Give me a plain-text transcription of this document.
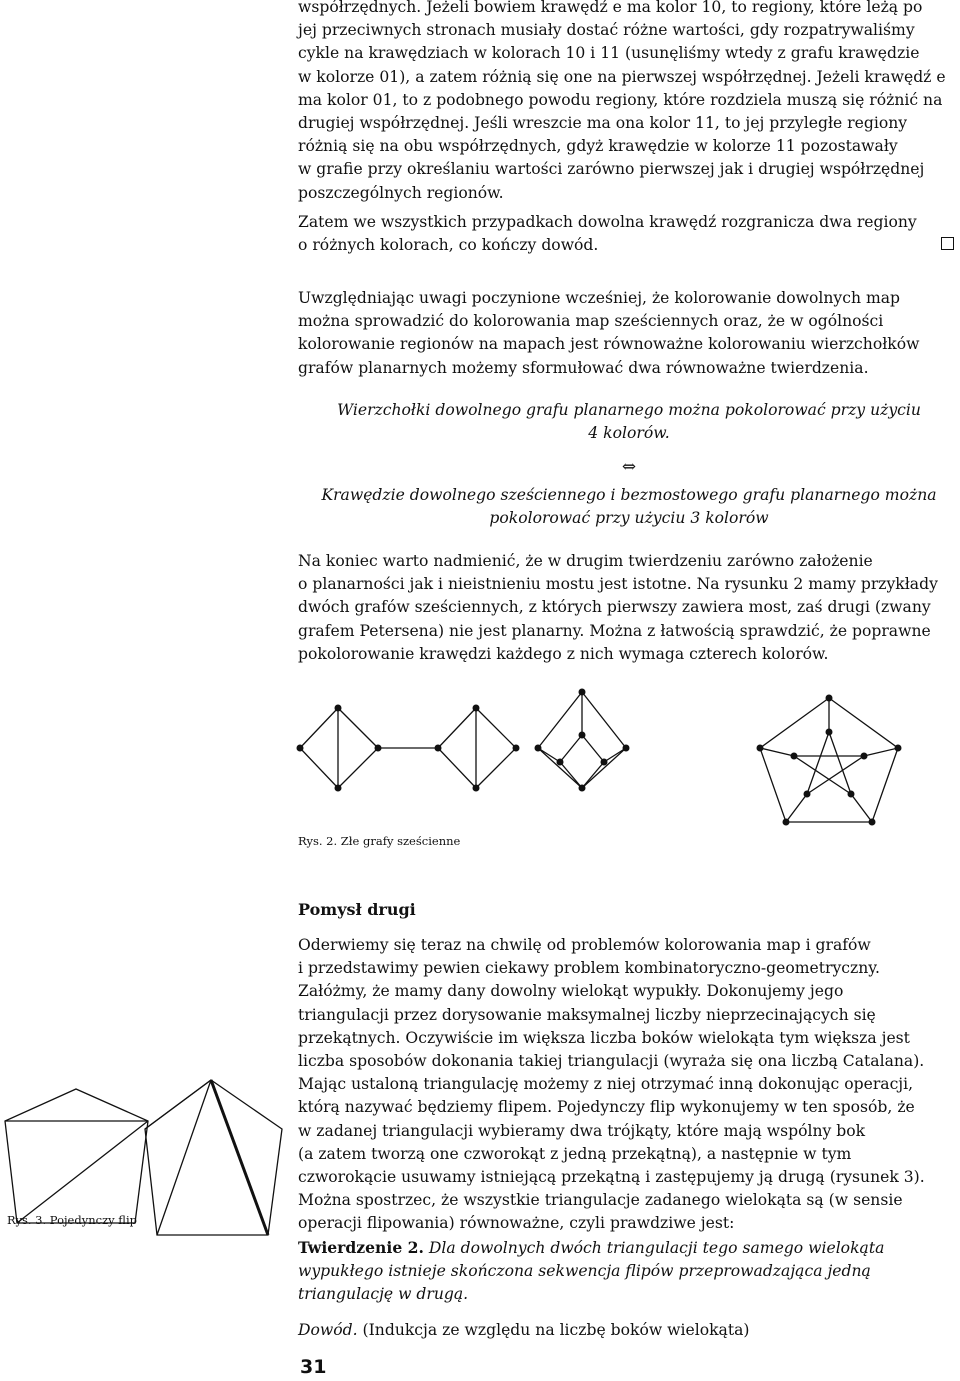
współrzędnych. Jeżeli bowiem krawędź e ma kolor 10, to regiony, które leżą po
jej przeciwnych stronach musiały dostać różne wartości, gdy rozpatrywaliśmy
cykle na krawędziach w kolorach 10 i 11 (usunęliśmy wtedy z grafu krawędzie
w kolorze 01), a zatem różnią się one na pierwszej współrzędnej. Jeżeli krawędź e
ma kolor 01, to z podobnego powodu regiony, które rozdziela muszą się różnić na
drugiej współrzędnej. Jeśli wreszcie ma ona kolor 11, to jej przyległe regiony
różnią się na obu współrzędnych, gdyż krawędzie w kolorze 11 pozostawały
w grafie przy określaniu wartości zarówno pierwszej jak i drugiej współrzędnej
poszczególnych regionów.
Zatem we wszystkich przypadkach dowolna krawędź rozgranicza dwa regiony
o różnych kolorach, co kończy dowód.
Uwzględniając uwagi poczynione wcześniej, że kolorowanie dowolnych map
można sprowadzić do kolorowania map sześciennych oraz, że w ogólności
kolorowanie regionów na mapach jest równoważne kolorowaniu wierzchołków
grafów planarnych możemy sformułować dwa równoważne twierdzenia.
Wierzchołki dowolnego grafu planarnego można pokolorować przy użyciu
4 kolorów.
⇔
Krawędzie dowolnego sześciennego i bezmostowego grafu planarnego można
pokolorować przy użyciu 3 kolorów
Na koniec warto nadmienić, że w drugim twierdzeniu zarówno założenie
o planarności jak i nieistnieniu mostu jest istotne. Na rysunku 2 mamy przykłady
dwóch grafów sześciennych, z których pierwszy zawiera most, zaś drugi (zwany
grafem Petersena) nie jest planarny. Można z łatwością sprawdzić, że poprawne
pokolorowanie krawędzi każdego z nich wymaga czterech kolorów.
Rys. 2. Złe grafy sześcienne
Pomysł drugi
Oderwiemy się teraz na chwilę od problemów kolorowania map i grafów
i przedstawimy pewien ciekawy problem kombinatoryczno-geometryczny.
Załóżmy, że mamy dany dowolny wielokąt wypukły. Dokonujemy jego
triangulacji przez dorysowanie maksymalnej liczby nieprzecinających się
przekątnych. Oczywiście im większa liczba boków wielokąta tym większa jest
liczba sposobów dokonania takiej triangulacji (wyraża się ona liczbą Catalana).
Mając ustaloną triangulację możemy z niej otrzymać inną dokonując operacji,
którą nazywać będziemy flipem. Pojedynczy flip wykonujemy w ten sposób, że
w zadanej triangulacji wybieramy dwa trójkąty, które mają wspólny bok
(a zatem tworzą one czworokąt z jedną przekątną), a następnie w tym
czworokącie usuwamy istniejącą przekątną i zastępujemy ją drugą (rysunek 3).
Można spostrzec, że wszystkie triangulacje zadanego wielokąta są (w sensie
operacji flipowania) równoważne, czyli prawdziwe jest:
Twierdzenie 2. Dla dowolnych dwóch triangulacji tego samego wielokąta
wypukłego istnieje skończona sekwencja flipów przeprowadzająca jedną
triangulację w drugą.
Dowód. (Indukcja ze względu na liczbę boków wielokąta)
Rys. 3. Pojedynczy flip
31
